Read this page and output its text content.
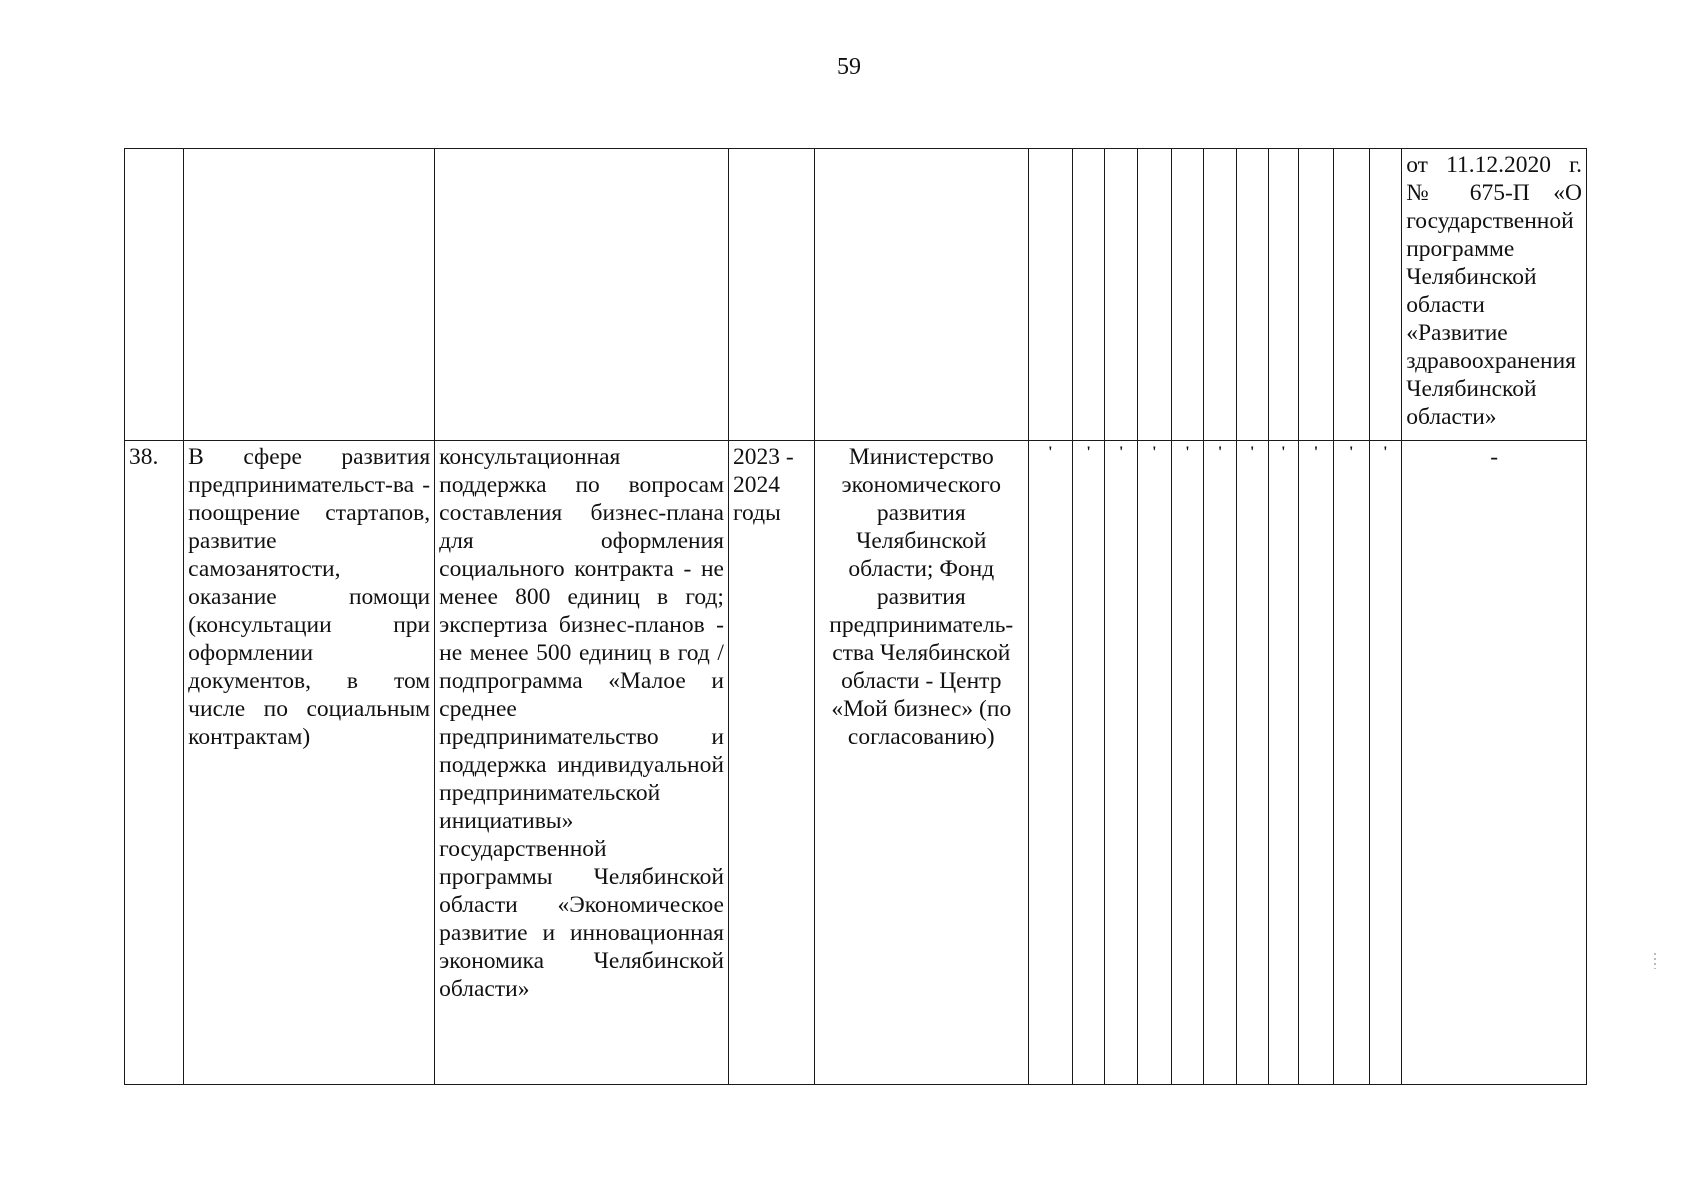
59
																от 11.12.2020 г. № 675-П «О государственной программе Челябинской области «Развитие здравоохранения Челябинской области»
38.	В сфере развития предпринимательст-ва - поощрение стартапов, развитие самозанятости, оказание помощи (консультации при оформлении документов, в том числе по социальным контрактам)	консультационная поддержка по вопросам составления бизнес-плана для оформления социального контракта - не менее 800 единиц в год; экспертиза бизнес-планов - не менее 500 единиц в год / подпрограмма «Малое и среднее предпринимательство и поддержка индивидуальной предпринимательской инициативы» государственной программы Челябинской области «Экономическое развитие и инновационная экономика Челябинской области»	2023 - 2024 годы	Министерство экономического развития Челябинской области; Фонд развития предприниматель-ства Челябинской области - Центр «Мой бизнес» (по согласованию)	'	'	'	'	'	'	'	'	'	'	'	-
